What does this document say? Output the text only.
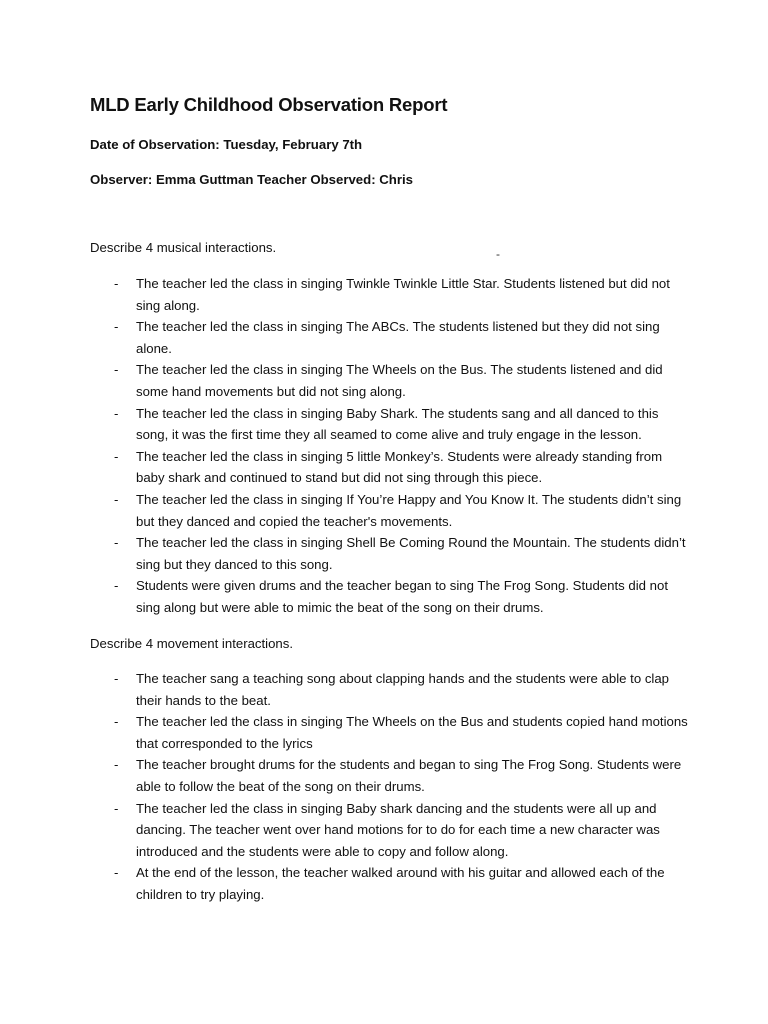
MLD Early Childhood Observation Report

Date of Observation: Tuesday, February 7th

Observer: Emma Guttman Teacher Observed: Chris

-

Describe 4 musical interactions.

- The teacher led the class in singing Twinkle Twinkle Little Star. Students listened but did not sing along.
- The teacher led the class in singing The ABCs. The students listened but they did not sing alone.
- The teacher led the class in singing The Wheels on the Bus. The students listened and did some hand movements but did not sing along.
- The teacher led the class in singing Baby Shark. The students sang and all danced to this song, it was the first time they all seamed to come alive and truly engage in the lesson.
- The teacher led the class in singing 5 little Monkey’s. Students were already standing from baby shark and continued to stand but did not sing through this piece.
- The teacher led the class in singing If You’re Happy and You Know It. The students didn’t sing but they danced and copied the teacher's movements.
- The teacher led the class in singing Shell Be Coming Round the Mountain. The students didn’t sing but they danced to this song.
- Students were given drums and the teacher began to sing The Frog Song. Students did not sing along but were able to mimic the beat of the song on their drums.

Describe 4 movement interactions.

- The teacher sang a teaching song about clapping hands and the students were able to clap their hands to the beat.
- The teacher led the class in singing The Wheels on the Bus and students copied hand motions that corresponded to the lyrics
- The teacher brought drums for the students and began to sing The Frog Song. Students were able to follow the beat of the song on their drums.
- The teacher led the class in singing Baby shark dancing and the students were all up and dancing. The teacher went over hand motions for to do for each time a new character was introduced and the students were able to copy and follow along.
- At the end of the lesson, the teacher walked around with his guitar and allowed each of the children to try playing.
